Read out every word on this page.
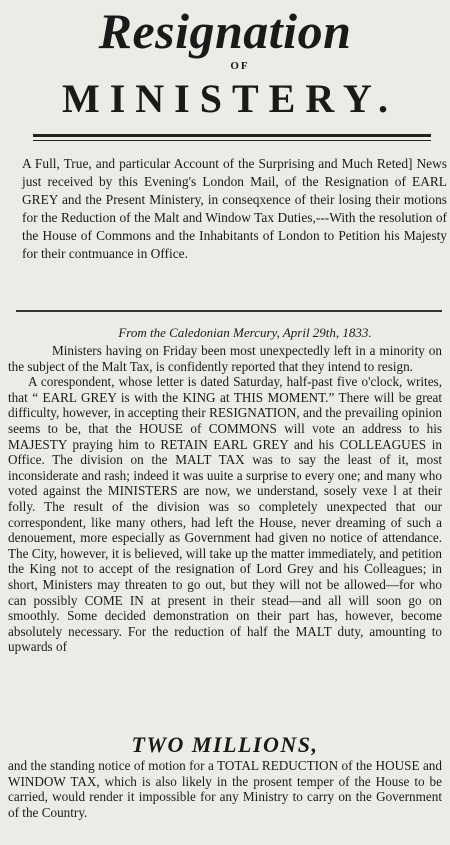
Resignation
OF
MINISTERY.
A Full, True, and particular Account of the Surprising and Much Reted] News just received by this Evening's London Mail, of the Resignation of EARL GREY and the Present Ministery, in conseqxence of their losing their motions for the Reduction of the Malt and Window Tax Duties,---With the resolution of the House of Commons and the Inhabitants of London to Petition his Majesty for their contmuance in Office.
From the Caledonian Mercury, April 29th, 1833.

Ministers having on Friday been most unexpectedly left in a minority on the subject of the Malt Tax, is confidently reported that they intend to resign.

A corespondent, whose letter is dated Saturday, half-past five o'clock, writes, that “ EARL GREY is with the KING at THIS MOMENT.” There will be great difficulty, however, in accepting their RESIGNATION, and the prevailing opinion seems to be, that the HOUSE of COMMONS will vote an address to his MAJESTY praying him to RETAIN EARL GREY and his COLLEAGUES in Office. The division on the MALT TAX was to say the least of it, most inconsiderate and rash; indeed it was uuite a surprise to every one; and many who voted against the MINISTERS are now, we understand, sosely vexe l at their folly. The result of the division was so completely unexpected that our correspondent, like many others, had left the House, never dreaming of such a denouement, more especially as Government had given no notice of attendance. The City, however, it is believed, will take up the matter immediately, and petition the King not to accept of the resignation of Lord Grey and his Colleagues; in short, Ministers may threaten to go out, but they will not be allowed—for who can possibly COME IN at present in their stead—and all will soon go on smoothly. Some decided demonstration on their part has, however, become absolutely necessary. For the reduction of half the MALT duty, amounting to upwards of

TWO MILLIONS,

and the standing notice of motion for a TOTAL REDUCTION of the HOUSE and WINDOW TAX, which is also likely in the prosent temper of the House to be carried, would render it impossible for any Ministry to carry on the Government of the Country.
